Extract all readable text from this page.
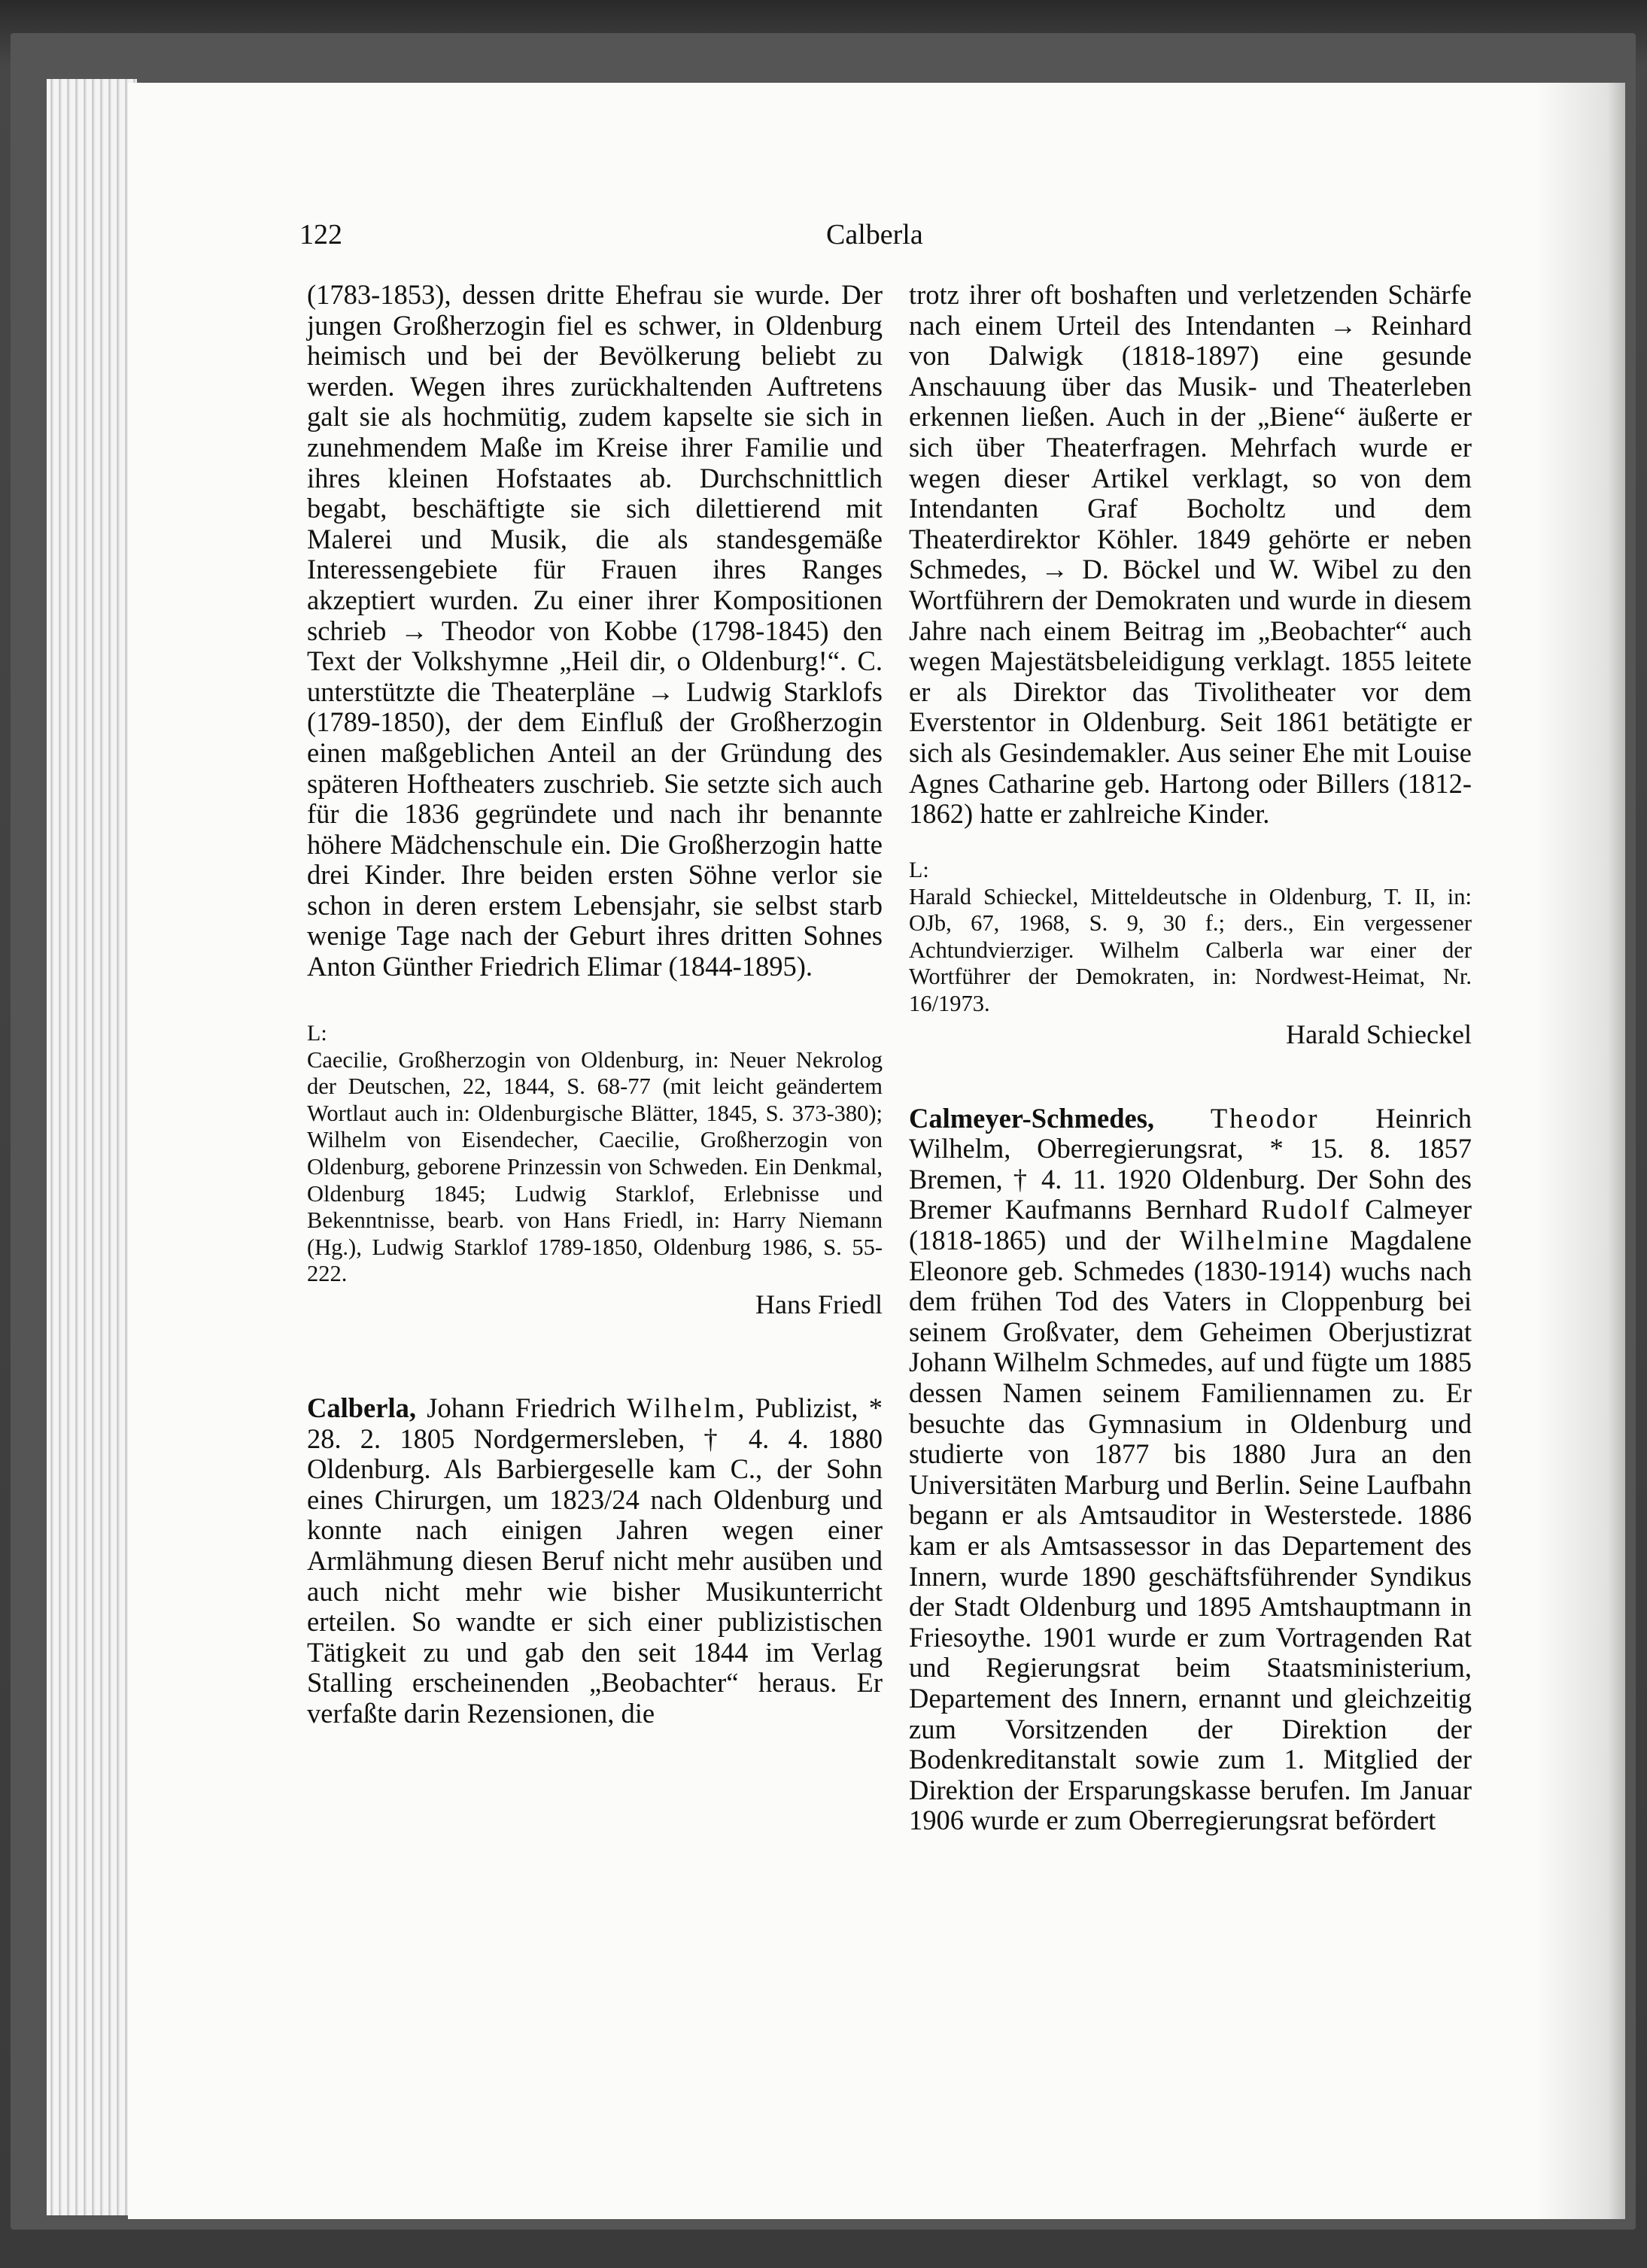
122	Calberla

(1783-1853), dessen dritte Ehefrau sie wurde. Der jungen Großherzogin fiel es schwer, in Oldenburg heimisch und bei der Bevölkerung beliebt zu werden. Wegen ihres zurückhaltenden Auftretens galt sie als hochmütig, zudem kapselte sie sich in zunehmendem Maße im Kreise ihrer Familie und ihres kleinen Hofstaates ab. Durchschnittlich begabt, beschäftigte sie sich dilettierend mit Malerei und Musik, die als standesgemäße Interessengebiete für Frauen ihres Ranges akzeptiert wurden. Zu einer ihrer Kompositionen schrieb → Theodor von Kobbe (1798-1845) den Text der Volkshymne „Heil dir, o Oldenburg!“. C. unterstützte die Theaterpläne → Ludwig Starklofs (1789-1850), der dem Einfluß der Großherzogin einen maßgeblichen Anteil an der Gründung des späteren Hoftheaters zuschrieb. Sie setzte sich auch für die 1836 gegründete und nach ihr benannte höhere Mädchenschule ein. Die Großherzogin hatte drei Kinder. Ihre beiden ersten Söhne verlor sie schon in deren erstem Lebensjahr, sie selbst starb wenige Tage nach der Geburt ihres dritten Sohnes Anton Günther Friedrich Elimar (1844-1895).

L:

Caecilie, Großherzogin von Oldenburg, in: Neuer Nekrolog der Deutschen, 22, 1844, S. 68-77 (mit leicht geändertem Wortlaut auch in: Oldenburgische Blätter, 1845, S. 373-380); Wilhelm von Eisendecher, Caecilie, Großherzogin von Oldenburg, geborene Prinzessin von Schweden. Ein Denkmal, Oldenburg 1845; Ludwig Starklof, Erlebnisse und Bekenntnisse, bearb. von Hans Friedl, in: Harry Niemann (Hg.), Ludwig Starklof 1789-1850, Oldenburg 1986, S. 55-222.

Hans Friedl

Calberla, Johann Friedrich Wilhelm, Publizist, * 28. 2. 1805 Nordgermersleben, † 4. 4. 1880 Oldenburg. Als Barbiergeselle kam C., der Sohn eines Chirurgen, um 1823/24 nach Oldenburg und konnte nach einigen Jahren wegen einer Armlähmung diesen Beruf nicht mehr ausüben und auch nicht mehr wie bisher Musikunterricht erteilen. So wandte er sich einer publizistischen Tätigkeit zu und gab den seit 1844 im Verlag Stalling erscheinenden „Beobachter“ heraus. Er verfaßte darin Rezensionen, die

trotz ihrer oft boshaften und verletzenden Schärfe nach einem Urteil des Intendanten → Reinhard von Dalwigk (1818-1897) eine gesunde Anschauung über das Musik- und Theaterleben erkennen ließen. Auch in der „Biene“ äußerte er sich über Theaterfragen. Mehrfach wurde er wegen dieser Artikel verklagt, so von dem Intendanten Graf Bocholtz und dem Theaterdirektor Köhler. 1849 gehörte er neben Schmedes, → D. Böckel und W. Wibel zu den Wortführern der Demokraten und wurde in diesem Jahre nach einem Beitrag im „Beobachter“ auch wegen Majestätsbeleidigung verklagt. 1855 leitete er als Direktor das Tivolitheater vor dem Everstentor in Oldenburg. Seit 1861 betätigte er sich als Gesindemakler. Aus seiner Ehe mit Louise Agnes Catharine geb. Hartong oder Billers (1812-1862) hatte er zahlreiche Kinder.

L:

Harald Schieckel, Mitteldeutsche in Oldenburg, T. II, in: OJb, 67, 1968, S. 9, 30 f.; ders., Ein vergessener Achtundvierziger. Wilhelm Calberla war einer der Wortführer der Demokraten, in: Nordwest-Heimat, Nr. 16/1973.

Harald Schieckel

Calmeyer-Schmedes, Theodor Heinrich Wilhelm, Oberregierungsrat, * 15. 8. 1857 Bremen, † 4. 11. 1920 Oldenburg. Der Sohn des Bremer Kaufmanns Bernhard Rudolf Calmeyer (1818-1865) und der Wilhelmine Magdalene Eleonore geb. Schmedes (1830-1914) wuchs nach dem frühen Tod des Vaters in Cloppenburg bei seinem Großvater, dem Geheimen Oberjustizrat Johann Wilhelm Schmedes, auf und fügte um 1885 dessen Namen seinem Familiennamen zu. Er besuchte das Gymnasium in Oldenburg und studierte von 1877 bis 1880 Jura an den Universitäten Marburg und Berlin. Seine Laufbahn begann er als Amtsauditor in Westerstede. 1886 kam er als Amtsassessor in das Departement des Innern, wurde 1890 geschäftsführender Syndikus der Stadt Oldenburg und 1895 Amtshauptmann in Friesoythe. 1901 wurde er zum Vortragenden Rat und Regierungsrat beim Staatsministerium, Departement des Innern, ernannt und gleichzeitig zum Vorsitzenden der Direktion der Bodenkreditanstalt sowie zum 1. Mitglied der Direktion der Ersparungskasse berufen. Im Januar 1906 wurde er zum Oberregierungsrat befördert
